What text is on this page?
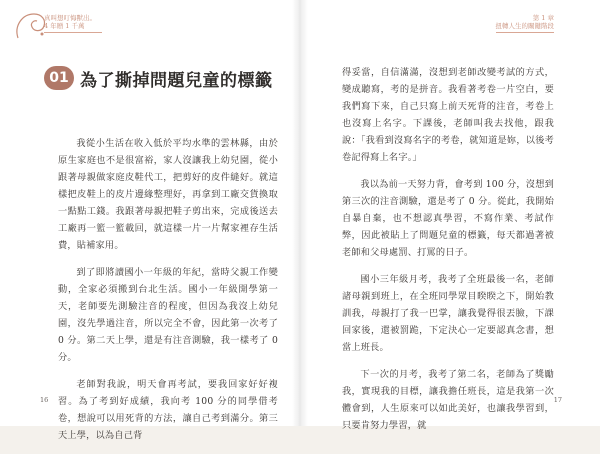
真叫想叮悔獸出。
4 年贈 1 千萬
01 為了撕掉問題兒童的標籤

我從小生活在收入低於平均水準的雲林縣，由於原生家庭也不是很富裕，家人沒讓我上幼兒園，從小跟著母親做家庭皮鞋代工，把剪好的皮件縫好。就這樣把皮鞋上的皮片邊緣整理好，再拿到工廠交貨換取一點點工錢。我跟著母親把鞋子剪出來，完成後送去工廠再一籃一籃載回，就這樣一片一片幫家裡存生活費，貼補家用。

到了即將讀國小一年級的年紀，當時父親工作變動，全家必須搬到台北生活。國小一年級開學第一天，老師要先測驗注音的程度，但因為我沒上幼兒園，沒先學過注音，所以完全不會，因此第一次考了 0 分。第二天上學，還是有注音測驗，我一樣考了 0 分。

老師對我說，明天會再考試，要我回家好好複習。為了考到好成績，我向考 100 分的同學借考卷，想說可以用死背的方法，讓自己考到滿分。第三天上學，以為自己背

16
第 1 章
扭轉人生的關鍵階段

得妥當，自信滿滿，沒想到老師改變考試的方式，變成聽寫，考的是拼音。我看著考卷一片空白，要我們寫下來，自己只寫上前天死背的注音，考卷上也沒寫上名字。下課後，老師叫我去找他，跟我說：「我看到沒寫名字的考卷，就知道是妳，以後考卷記得寫上名字。」

我以為前一天努力背，會考到 100 分，沒想到第三次的注音測驗，還是考了 0 分。從此，我開始自暴自棄，也不想認真學習，不寫作業、考試作弊，因此被貼上了問題兒童的標籤，每天都過著被老師和父母處罰、打罵的日子。

國小三年級月考，我考了全班最後一名，老師諸母親到班上，在全班同學眾目睽睽之下，開始教訓我，母親打了我一巴掌，讓我覺得很丟臉，下課回家後，還被罰跪，下定決心一定要認真念書，想當上班長。

下一次的月考，我考了第二名，老師為了獎勵我，實現我的目標，讓我擔任班長，這是我第一次體會到，人生原來可以如此美好，也讓我學習到，只要肯努力學習，就

17
